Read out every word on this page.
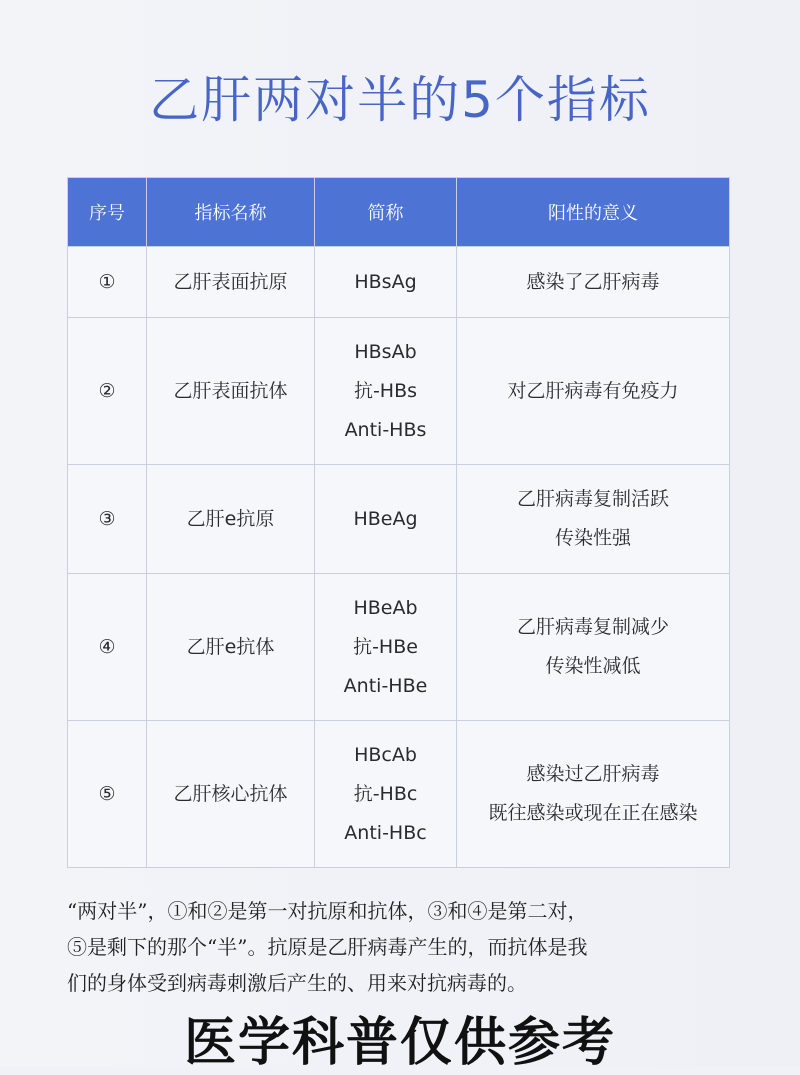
乙肝两对半的5个指标
序号	指标名称	简称	阳性的意义
①	乙肝表面抗原	HBsAg	感染了乙肝病毒

②	乙肝表面抗体	HBsAb
抗-HBs
Anti-HBs	对乙肝病毒有免疫力

③	乙肝e抗原	HBeAg	乙肝病毒复制活跃
传染性强

④	乙肝e抗体	HBeAb
抗-HBe
Anti-HBe	乙肝病毒复制减少
传染性减低

⑤	乙肝核心抗体	HBcAb
抗-HBc
Anti-HBc	感染过乙肝病毒
既往感染或现在正在感染

“两对半”，①和②是第一对抗原和抗体，③和④是第二对，

⑤是剩下的那个“半”。抗原是乙肝病毒产生的，而抗体是我

们的身体受到病毒刺激后产生的、用来对抗病毒的。

医学科普仅供参考
